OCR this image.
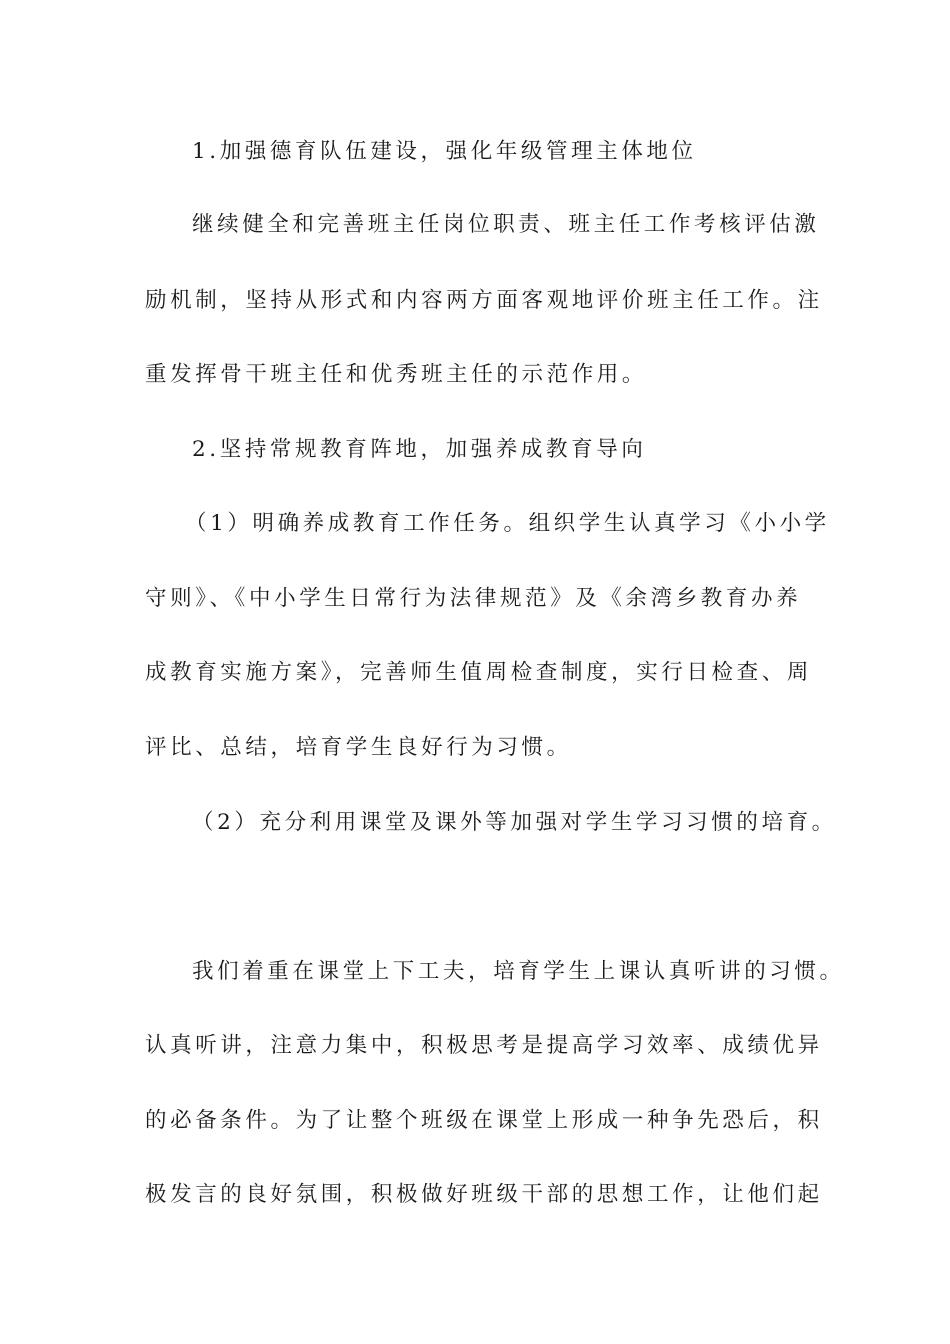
1.加强德育队伍建设，强化年级管理主体地位

继续健全和完善班主任岗位职责、班主任工作考核评估激

励机制，坚持从形式和内容两方面客观地评价班主任工作。注

重发挥骨干班主任和优秀班主任的示范作用。

2.坚持常规教育阵地，加强养成教育导向

（1）明确养成教育工作任务。组织学生认真学习《小小学

守则》、《中小学生日常行为法律规范》及《余湾乡教育办养

成教育实施方案》，完善师生值周检查制度，实行日检查、周

评比、总结，培育学生良好行为习惯。

（2）充分利用课堂及课外等加强对学生学习习惯的培育。

我们着重在课堂上下工夫，培育学生上课认真听讲的习惯。

认真听讲，注意力集中，积极思考是提高学习效率、成绩优异

的必备条件。为了让整个班级在课堂上形成一种争先恐后，积

极发言的良好氛围，积极做好班级干部的思想工作，让他们起
